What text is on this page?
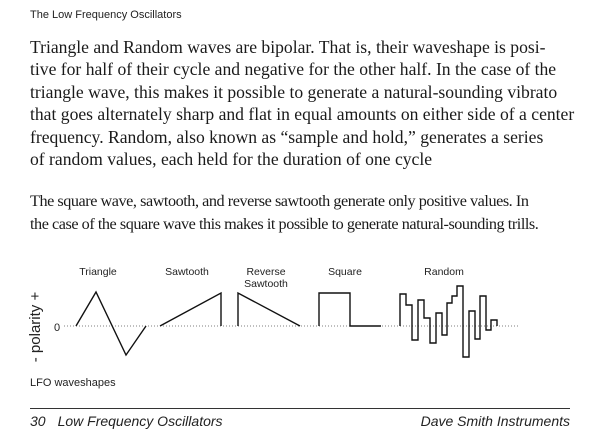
The Low Frequency Oscillators

Triangle and Random waves are bipolar. That is, their waveshape is posi-
tive for half of their cycle and negative for the other half. In the case of the
triangle wave, this makes it possible to generate a natural-sounding vibrato
that goes alternately sharp and flat in equal amounts on either side of a center
frequency. Random, also known as “sample and hold,” generates a series
of random values, each held for the duration of one cycle

The square wave, sawtooth, and reverse sawtooth generate only positive values. In
the case of the square wave this makes it possible to generate natural-sounding trills.

- polarity + 0
Triangle	Sawtooth	Reverse
Sawtooth
Square	Random
LFO waveshapes
30 Low Frequency Oscillators	Dave Smith Instruments
